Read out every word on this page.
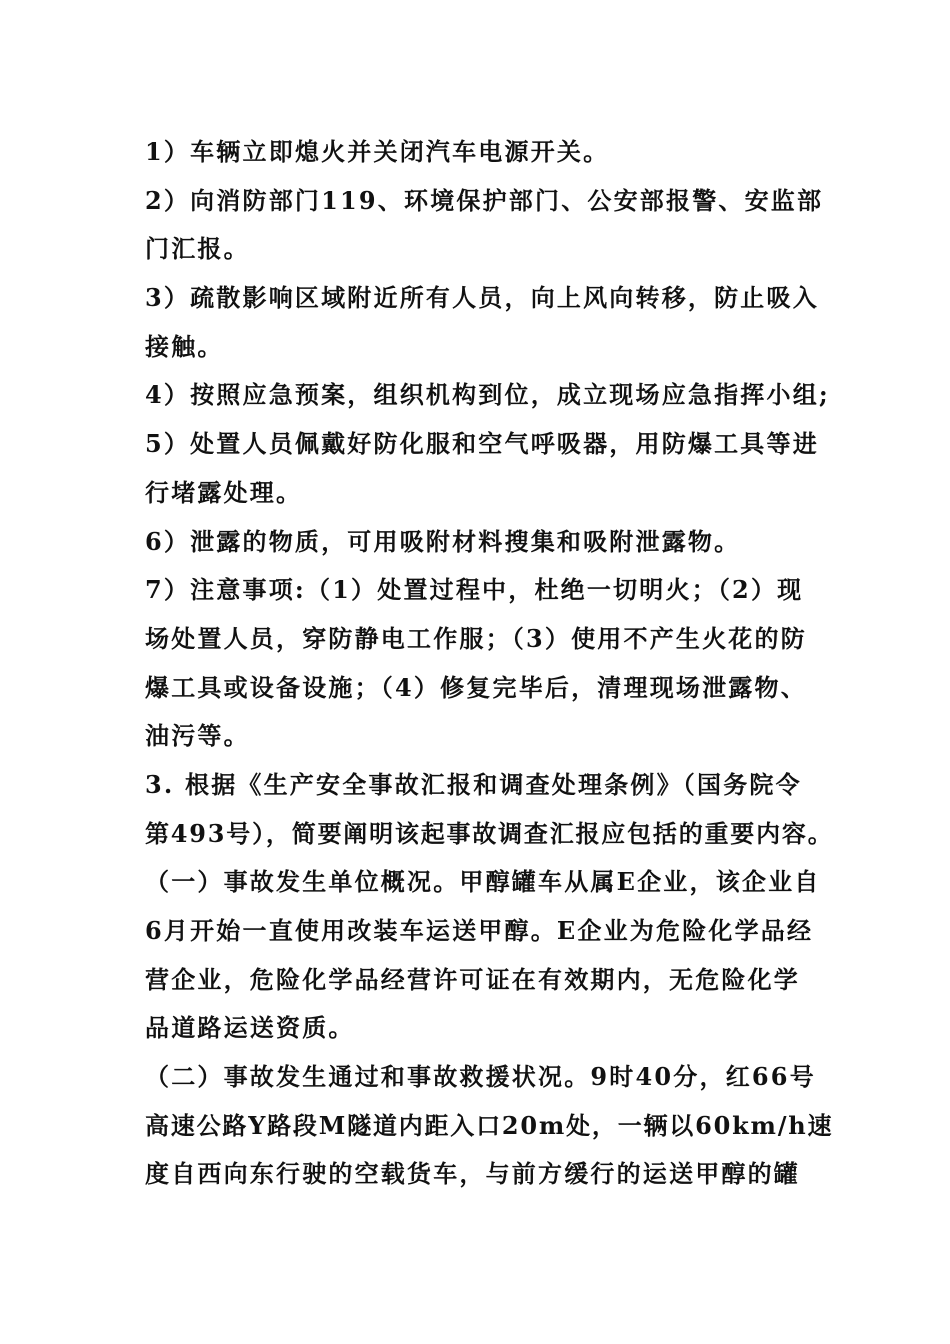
1）车辆立即熄火并关闭汽车电源开关。

2）向消防部门119、环境保护部门、公安部报警、安监部

门汇报。

3）疏散影响区域附近所有人员，向上风向转移，防止吸入

接触。

4）按照应急预案，组织机构到位，成立现场应急指挥小组;

5）处置人员佩戴好防化服和空气呼吸器，用防爆工具等进

行堵露处理。

6）泄露的物质，可用吸附材料搜集和吸附泄露物。

7）注意事项:（1）处置过程中，杜绝一切明火；（2）现

场处置人员，穿防静电工作服；（3）使用不产生火花的防

爆工具或设备设施；（4）修复完毕后，清理现场泄露物、

油污等。

3. 根据《生产安全事故汇报和调查处理条例》（国务院令

第493号），简要阐明该起事故调查汇报应包括的重要内容。

（一）事故发生单位概况。甲醇罐车从属E企业，该企业自

6月开始一直使用改装车运送甲醇。E企业为危险化学品经

营企业，危险化学品经营许可证在有效期内，无危险化学

品道路运送资质。

（二）事故发生通过和事故救援状况。9时40分，红66号

高速公路Y路段M隧道内距入口20m处，一辆以60km/h速

度自西向东行驶的空载货车，与前方缓行的运送甲醇的罐
